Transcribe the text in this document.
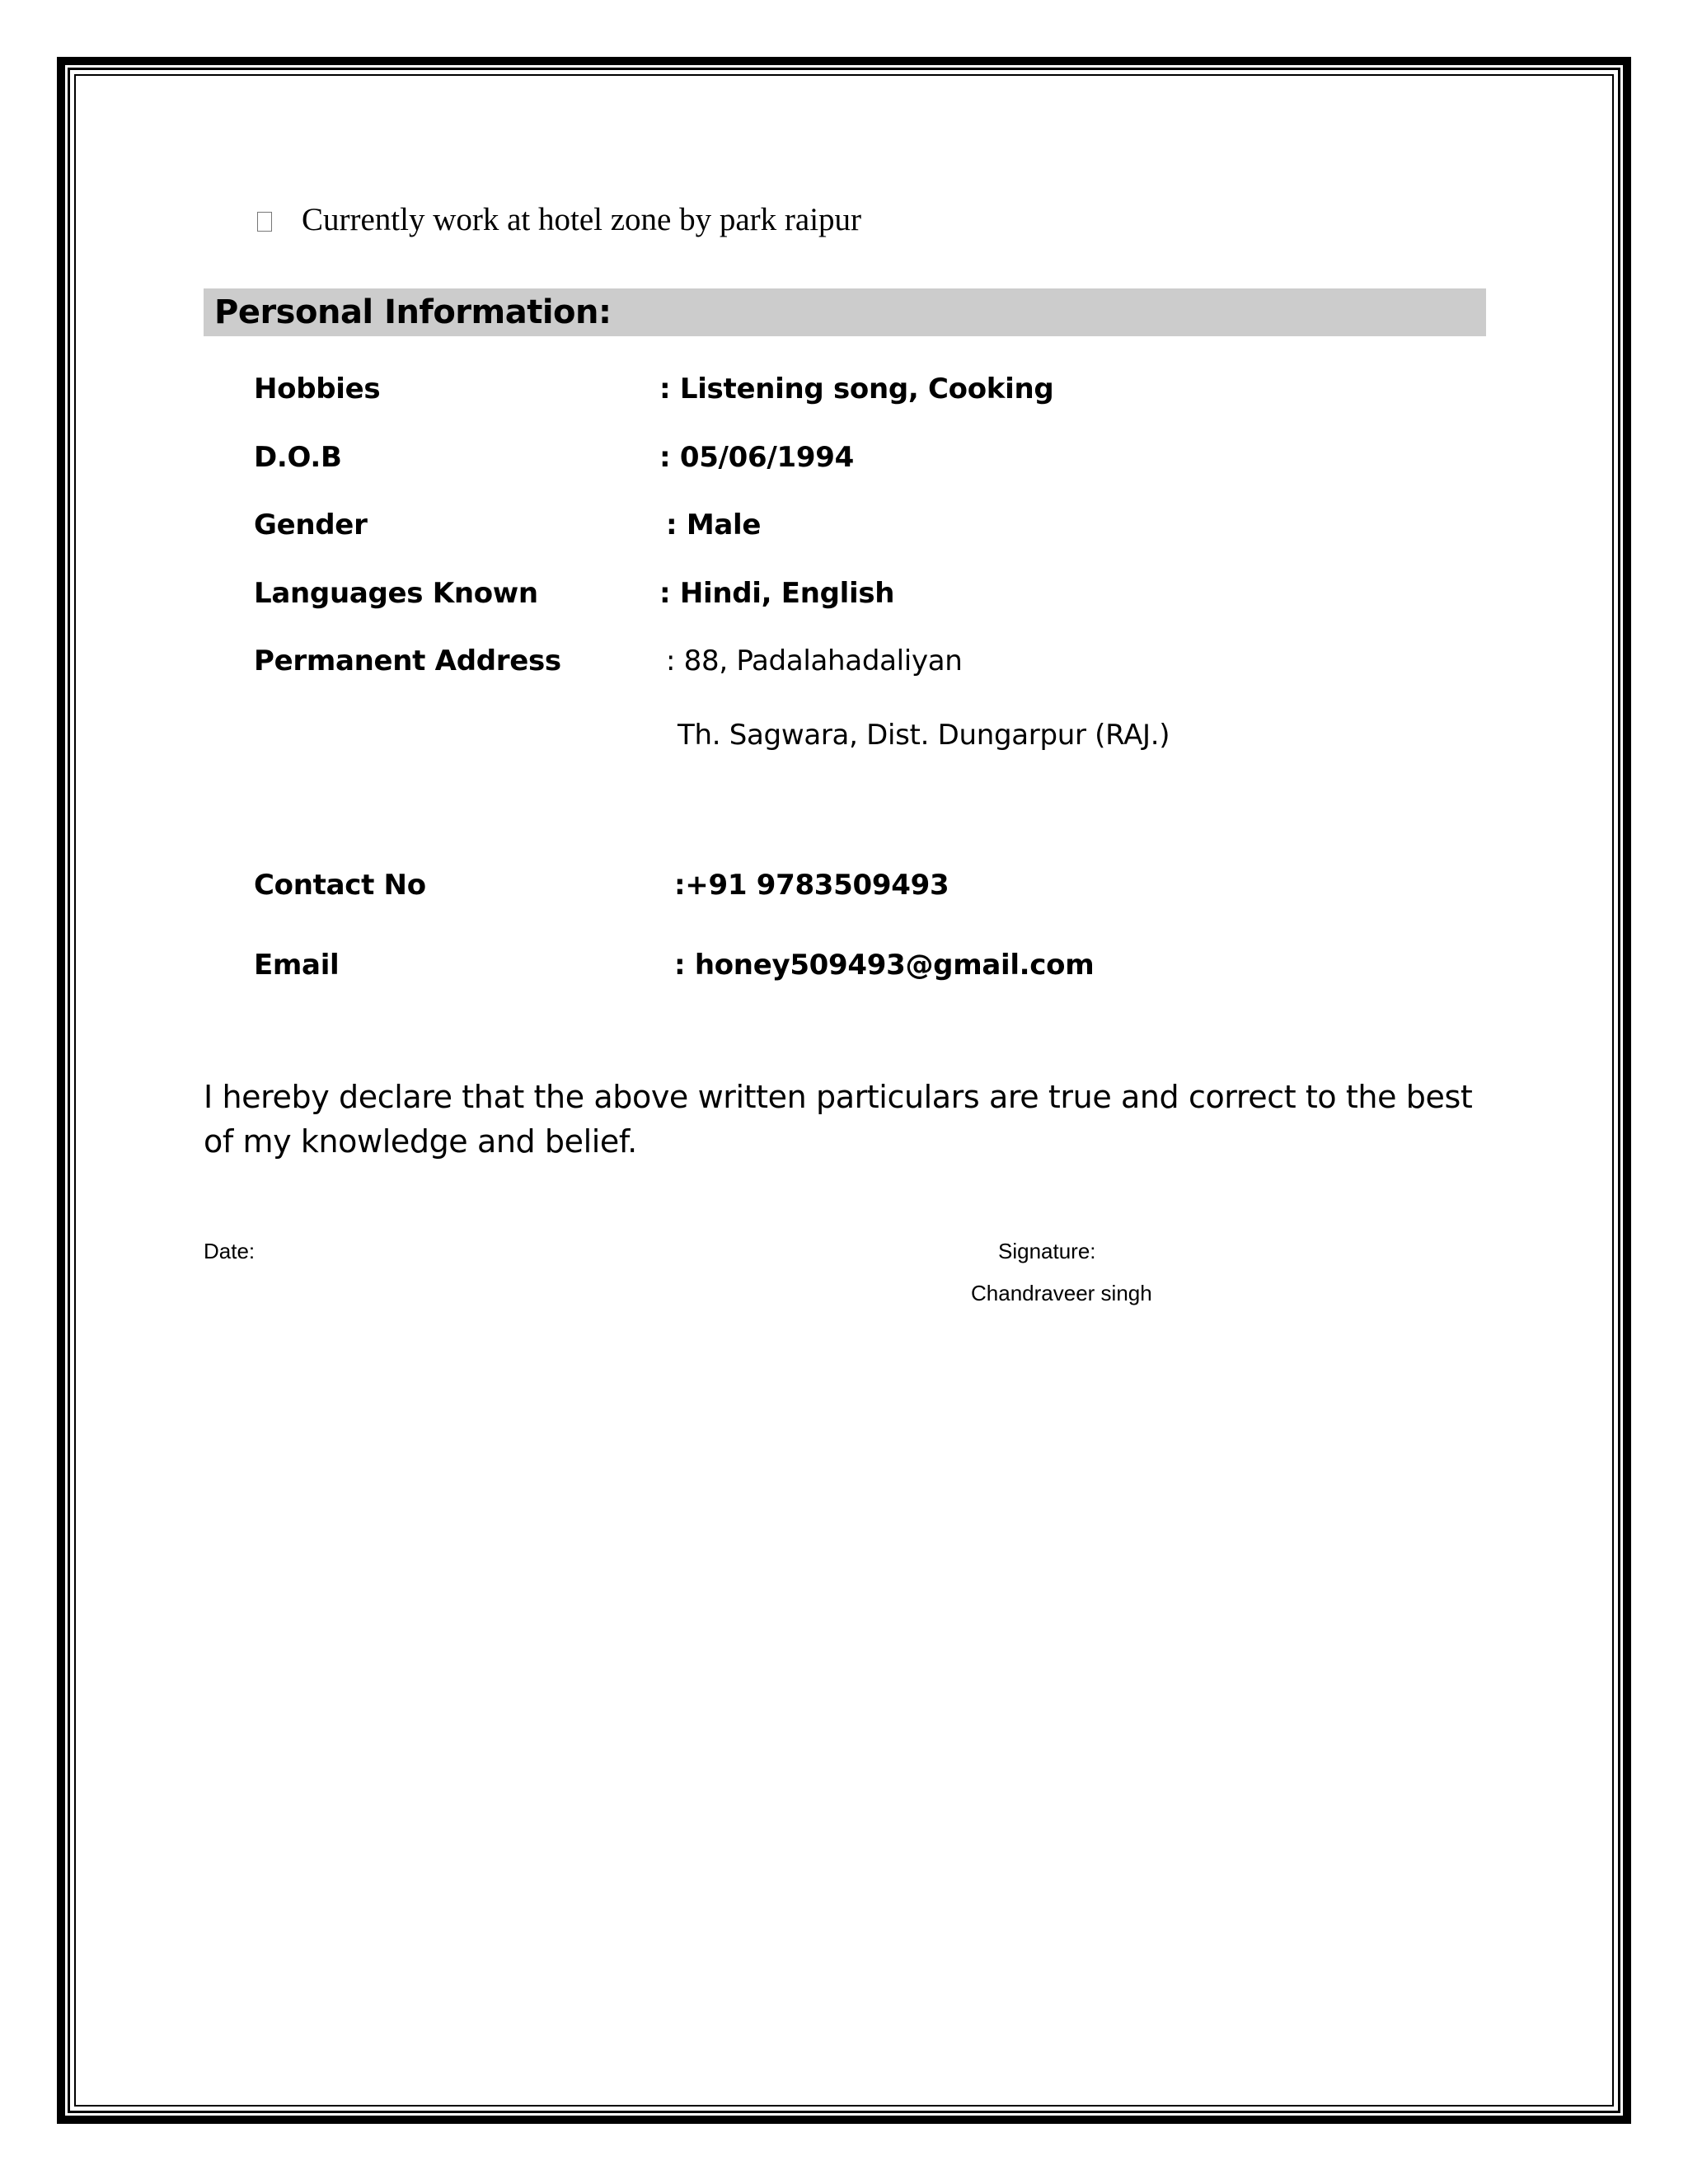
Currently work at hotel zone by park raipur
Personal Information:
Hobbies	: Listening song, Cooking
D.O.B	: 05/06/1994
Gender	: Male
Languages Known	: Hindi, English
Permanent Address	: 88, Padalahadaliyan
Th. Sagwara, Dist. Dungarpur (RAJ.)
Contact No	:+91 9783509493
Email	: honey509493@gmail.com
I hereby declare that the above written particulars are true and correct to the best of my knowledge and belief.
Date:	Signature:
Chandraveer singh
